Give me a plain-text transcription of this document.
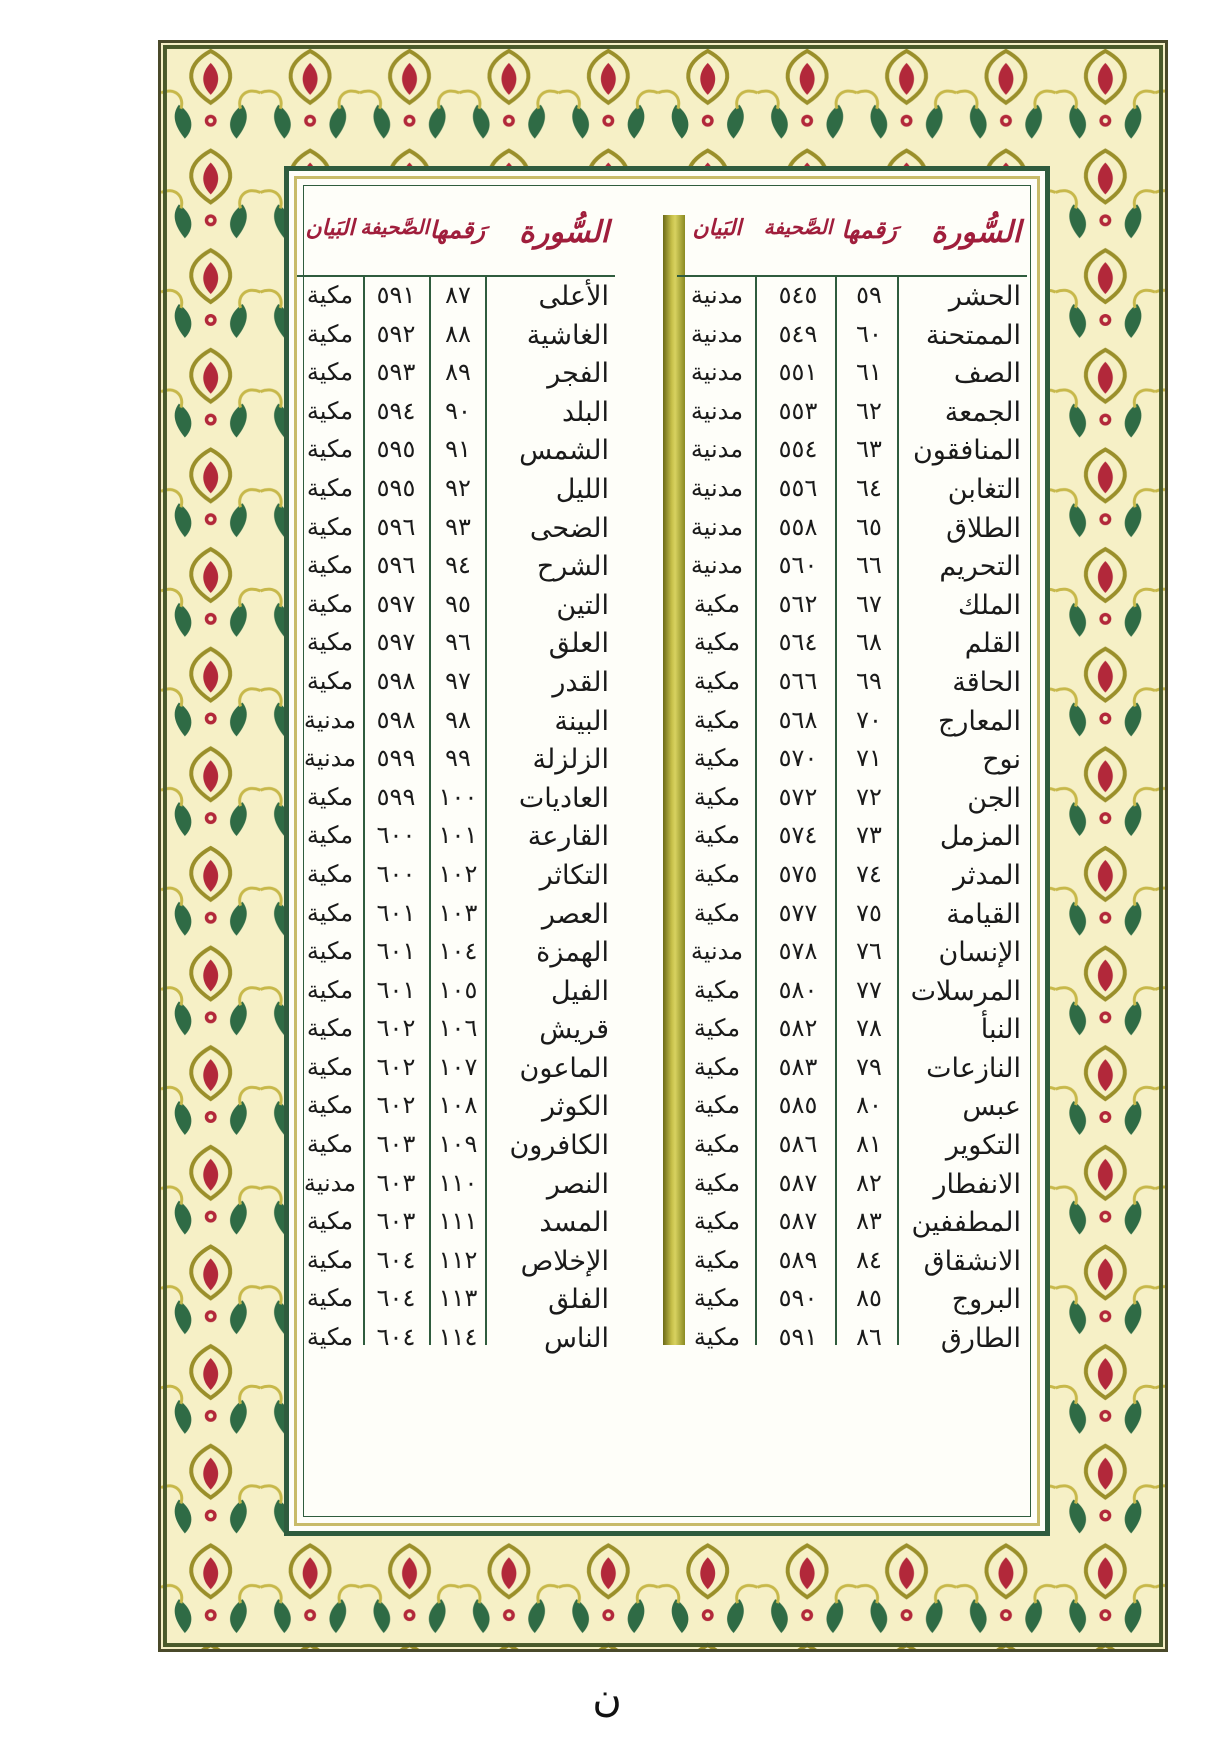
السُّورة
رَقمها
الصَّحيفة
البَيان
الحشر
٥٩
٥٤٥
مدنية
الممتحنة
٦٠
٥٤٩
مدنية
الصف
٦١
٥٥١
مدنية
الجمعة
٦٢
٥٥٣
مدنية
المنافقون
٦٣
٥٥٤
مدنية
التغابن
٦٤
٥٥٦
مدنية
الطلاق
٦٥
٥٥٨
مدنية
التحريم
٦٦
٥٦٠
مدنية
الملك
٦٧
٥٦٢
مكية
القلم
٦٨
٥٦٤
مكية
الحاقة
٦٩
٥٦٦
مكية
المعارج
٧٠
٥٦٨
مكية
نوح
٧١
٥٧٠
مكية
الجن
٧٢
٥٧٢
مكية
المزمل
٧٣
٥٧٤
مكية
المدثر
٧٤
٥٧٥
مكية
القيامة
٧٥
٥٧٧
مكية
الإنسان
٧٦
٥٧٨
مدنية
المرسلات
٧٧
٥٨٠
مكية
النبأ
٧٨
٥٨٢
مكية
النازعات
٧٩
٥٨٣
مكية
عبس
٨٠
٥٨٥
مكية
التكوير
٨١
٥٨٦
مكية
الانفطار
٨٢
٥٨٧
مكية
المطففين
٨٣
٥٨٧
مكية
الانشقاق
٨٤
٥٨٩
مكية
البروج
٨٥
٥٩٠
مكية
الطارق
٨٦
٥٩١
مكية
السُّورة
رَقمها
الصَّحيفة
البَيان
الأعلى
٨٧
٥٩١
مكية
الغاشية
٨٨
٥٩٢
مكية
الفجر
٨٩
٥٩٣
مكية
البلد
٩٠
٥٩٤
مكية
الشمس
٩١
٥٩٥
مكية
الليل
٩٢
٥٩٥
مكية
الضحى
٩٣
٥٩٦
مكية
الشرح
٩٤
٥٩٦
مكية
التين
٩٥
٥٩٧
مكية
العلق
٩٦
٥٩٧
مكية
القدر
٩٧
٥٩٨
مكية
البينة
٩٨
٥٩٨
مدنية
الزلزلة
٩٩
٥٩٩
مدنية
العاديات
١٠٠
٥٩٩
مكية
القارعة
١٠١
٦٠٠
مكية
التكاثر
١٠٢
٦٠٠
مكية
العصر
١٠٣
٦٠١
مكية
الهمزة
١٠٤
٦٠١
مكية
الفيل
١٠٥
٦٠١
مكية
قريش
١٠٦
٦٠٢
مكية
الماعون
١٠٧
٦٠٢
مكية
الكوثر
١٠٨
٦٠٢
مكية
الكافرون
١٠٩
٦٠٣
مكية
النصر
١١٠
٦٠٣
مدنية
المسد
١١١
٦٠٣
مكية
الإخلاص
١١٢
٦٠٤
مكية
الفلق
١١٣
٦٠٤
مكية
الناس
١١٤
٦٠٤
مكية
ن
